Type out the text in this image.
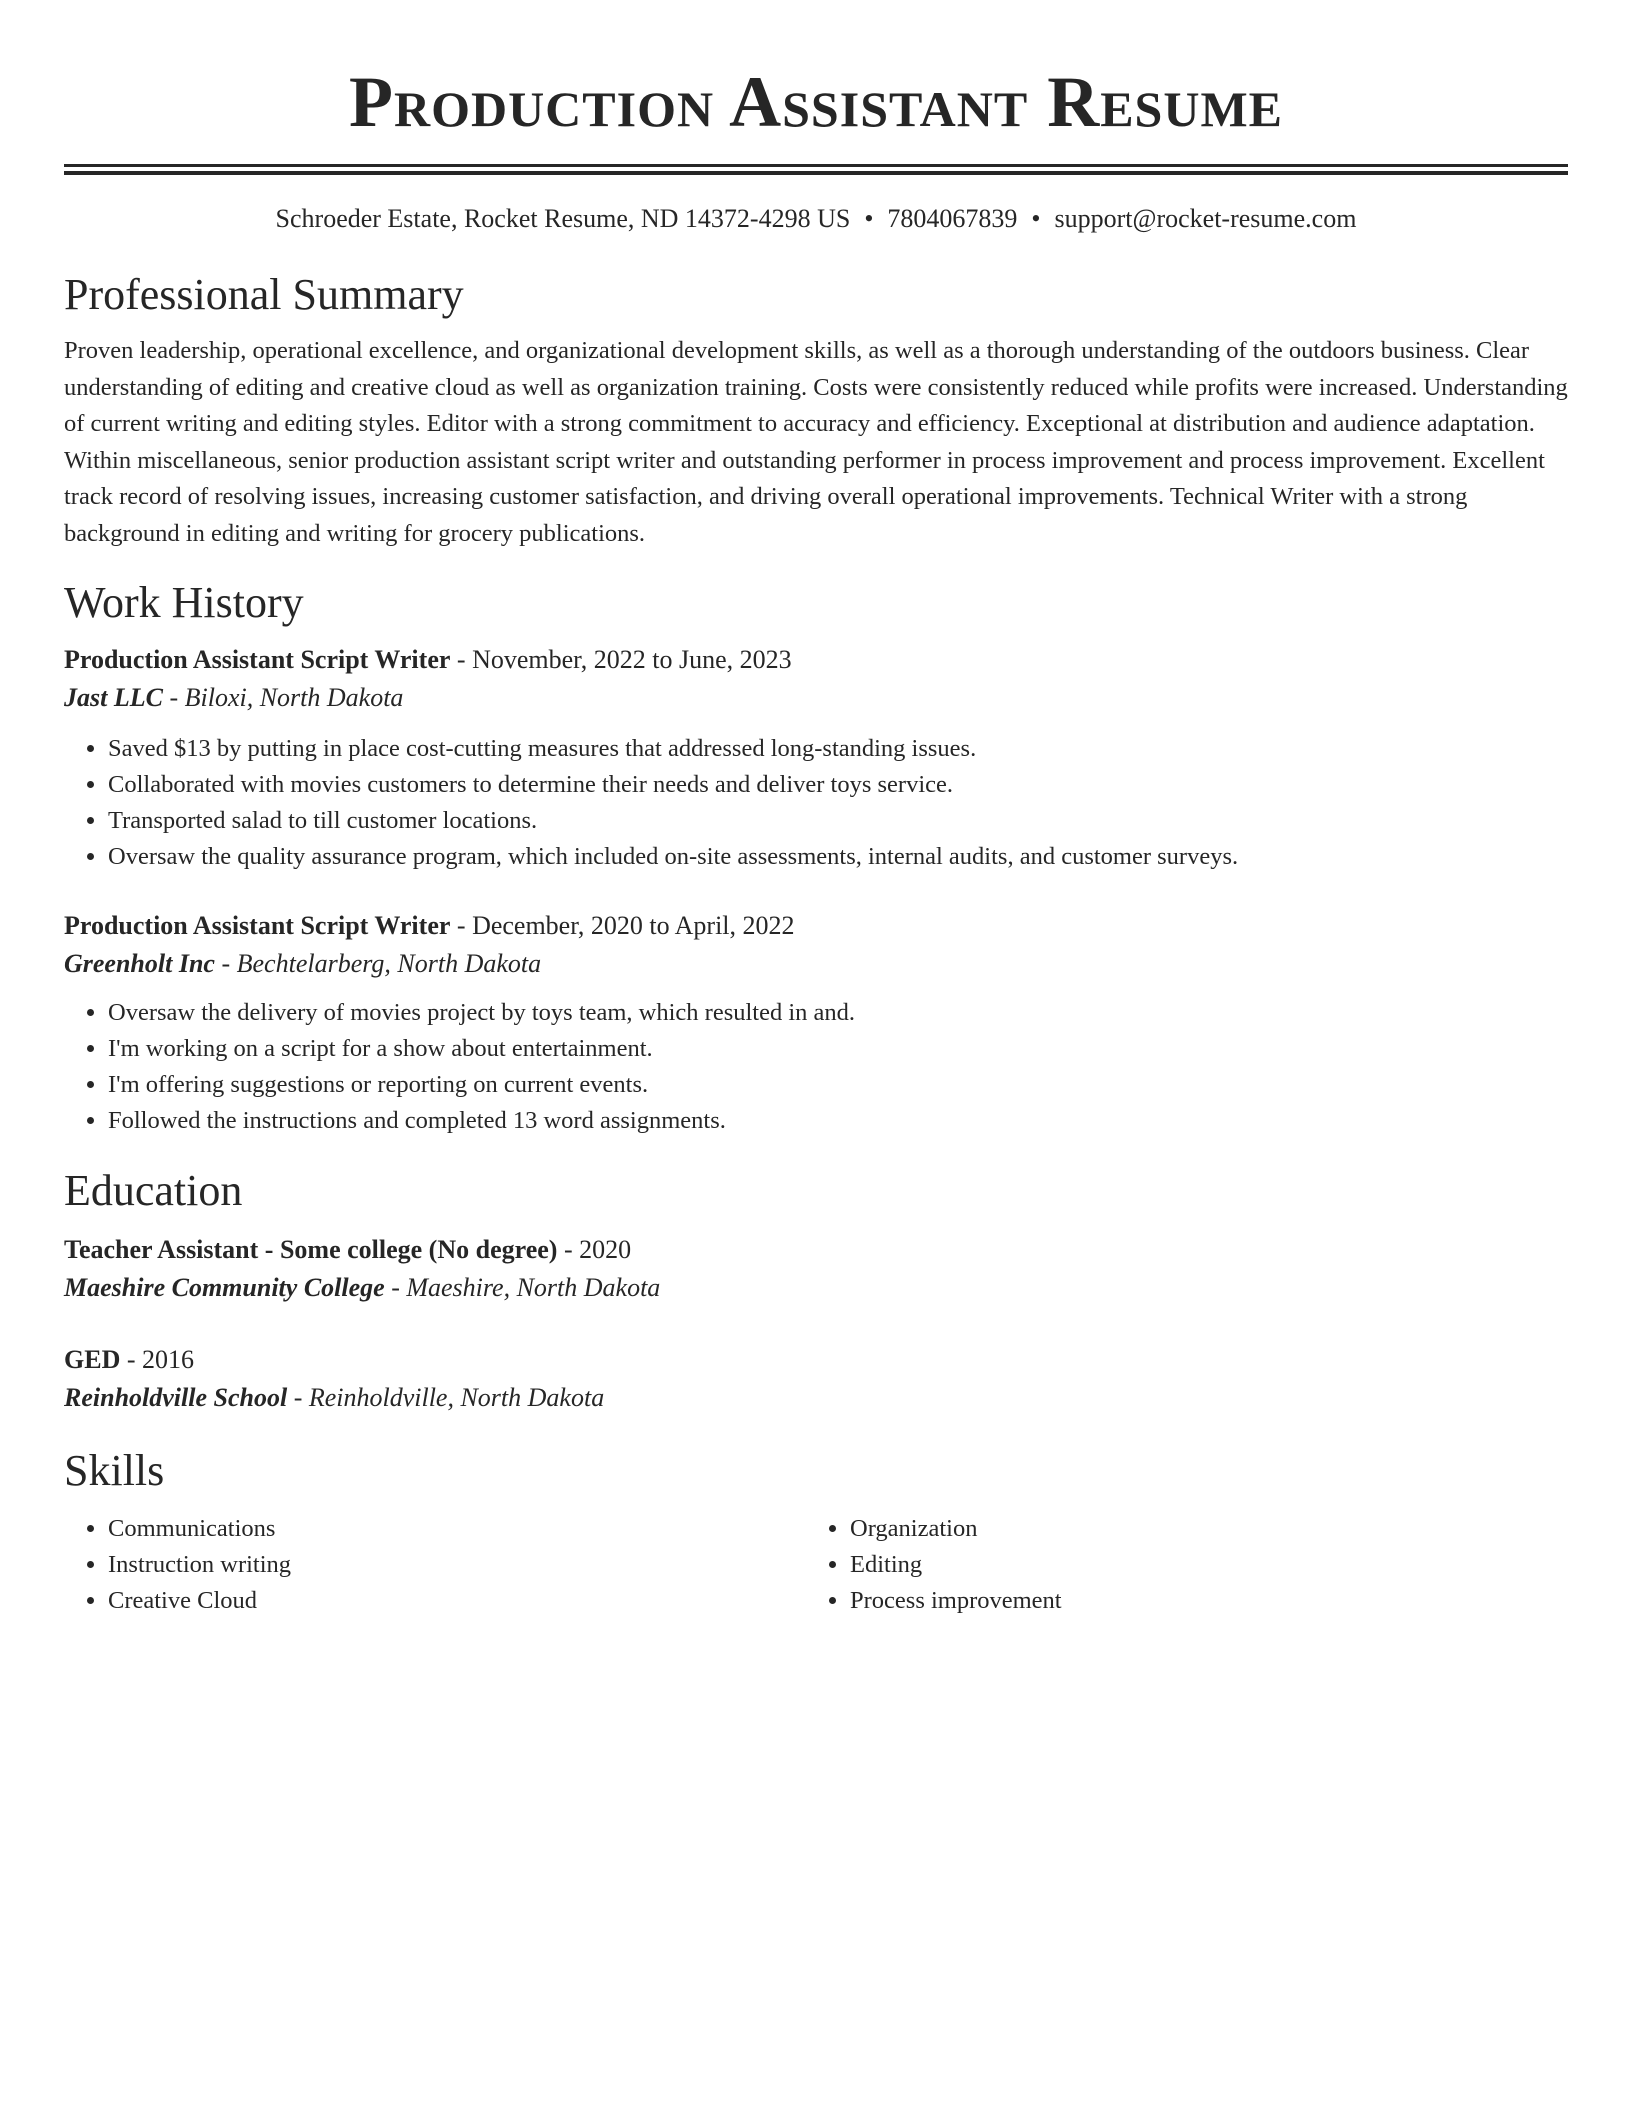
Production Assistant Resume
Schroeder Estate, Rocket Resume, ND 14372-4298 US • 7804067839 • support@rocket-resume.com
Professional Summary

Proven leadership, operational excellence, and organizational development skills, as well as a thorough understanding of the outdoors business. Clear understanding of editing and creative cloud as well as organization training. Costs were consistently reduced while profits were increased. Understanding of current writing and editing styles. Editor with a strong commitment to accuracy and efficiency. Exceptional at distribution and audience adaptation. Within miscellaneous, senior production assistant script writer and outstanding performer in process improvement and process improvement. Excellent track record of resolving issues, increasing customer satisfaction, and driving overall operational improvements. Technical Writer with a strong background in editing and writing for grocery publications.

Work History
Production Assistant Script Writer - November, 2022 to June, 2023
Jast LLC - Biloxi, North Dakota
• Saved $13 by putting in place cost-cutting measures that addressed long-standing issues.
• Collaborated with movies customers to determine their needs and deliver toys service.
• Transported salad to till customer locations.
• Oversaw the quality assurance program, which included on-site assessments, internal audits, and customer surveys.
Production Assistant Script Writer - December, 2020 to April, 2022
Greenholt Inc - Bechtelarberg, North Dakota
• Oversaw the delivery of movies project by toys team, which resulted in and.
• I'm working on a script for a show about entertainment.
• I'm offering suggestions or reporting on current events.
• Followed the instructions and completed 13 word assignments.
Education
Teacher Assistant - Some college (No degree) - 2020
Maeshire Community College - Maeshire, North Dakota
GED - 2016
Reinholdville School - Reinholdville, North Dakota
Skills
• Communications
• Instruction writing
• Creative Cloud
• Organization
• Editing
• Process improvement
